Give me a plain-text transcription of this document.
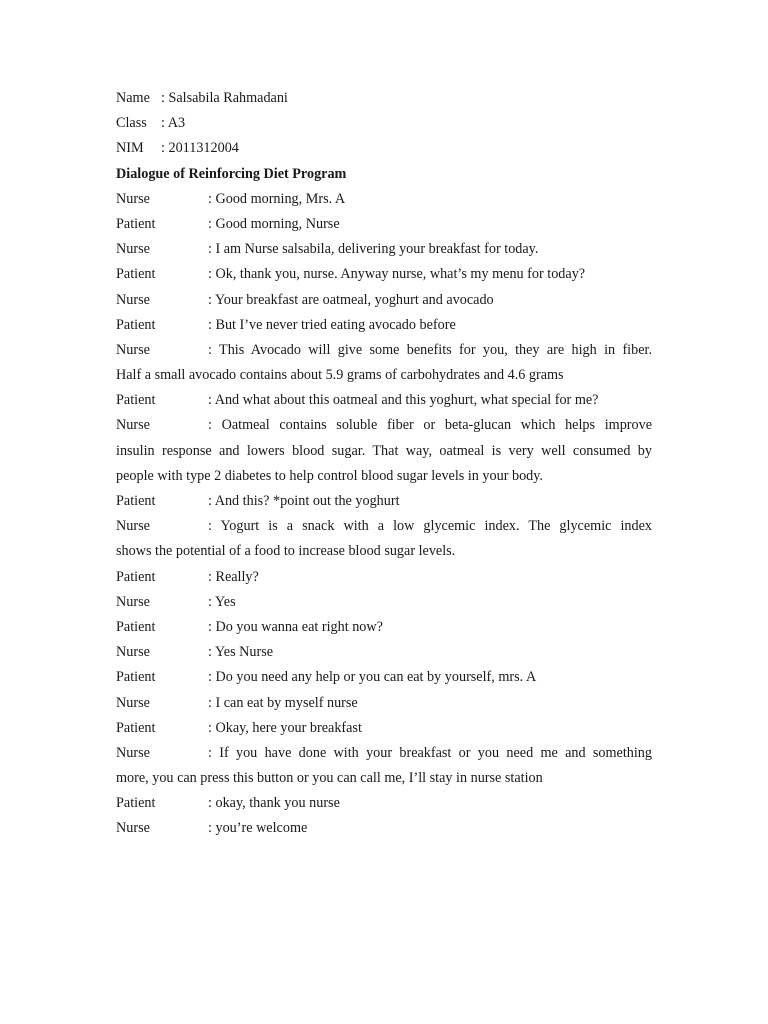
Name : Salsabila Rahmadani
Class : A3
NIM : 2011312004
Dialogue of Reinforcing Diet Program
Nurse	: Good morning, Mrs. A
Patient	: Good morning, Nurse
Nurse	: I am Nurse salsabila, delivering your breakfast for today.
Patient	: Ok, thank you, nurse. Anyway nurse, what’s my menu for today?
Nurse	: Your breakfast are oatmeal, yoghurt and avocado
Patient	: But I’ve never tried eating avocado before
Nurse	: This Avocado will give some benefits for you, they are high in fiber.
Half a small avocado contains about 5.9 grams of carbohydrates and 4.6 grams
Patient	: And what about this oatmeal and this yoghurt, what special for me?
Nurse	: Oatmeal contains soluble fiber or beta-glucan which helps improve
insulin response and lowers blood sugar. That way, oatmeal is very well consumed by
people with type 2 diabetes to help control blood sugar levels in your body.
Patient	: And this? *point out the yoghurt
Nurse	: Yogurt is a snack with a low glycemic index. The glycemic index
shows the potential of a food to increase blood sugar levels.
Patient	: Really?
Nurse	: Yes
Patient	: Do you wanna eat right now?
Nurse	: Yes Nurse
Patient	: Do you need any help or you can eat by yourself, mrs. A
Nurse	: I can eat by myself nurse
Patient	: Okay, here your breakfast
Nurse	: If you have done with your breakfast or you need me and something
more, you can press this button or you can call me, I’ll stay in nurse station
Patient	: okay, thank you nurse
Nurse	: you’re welcome
